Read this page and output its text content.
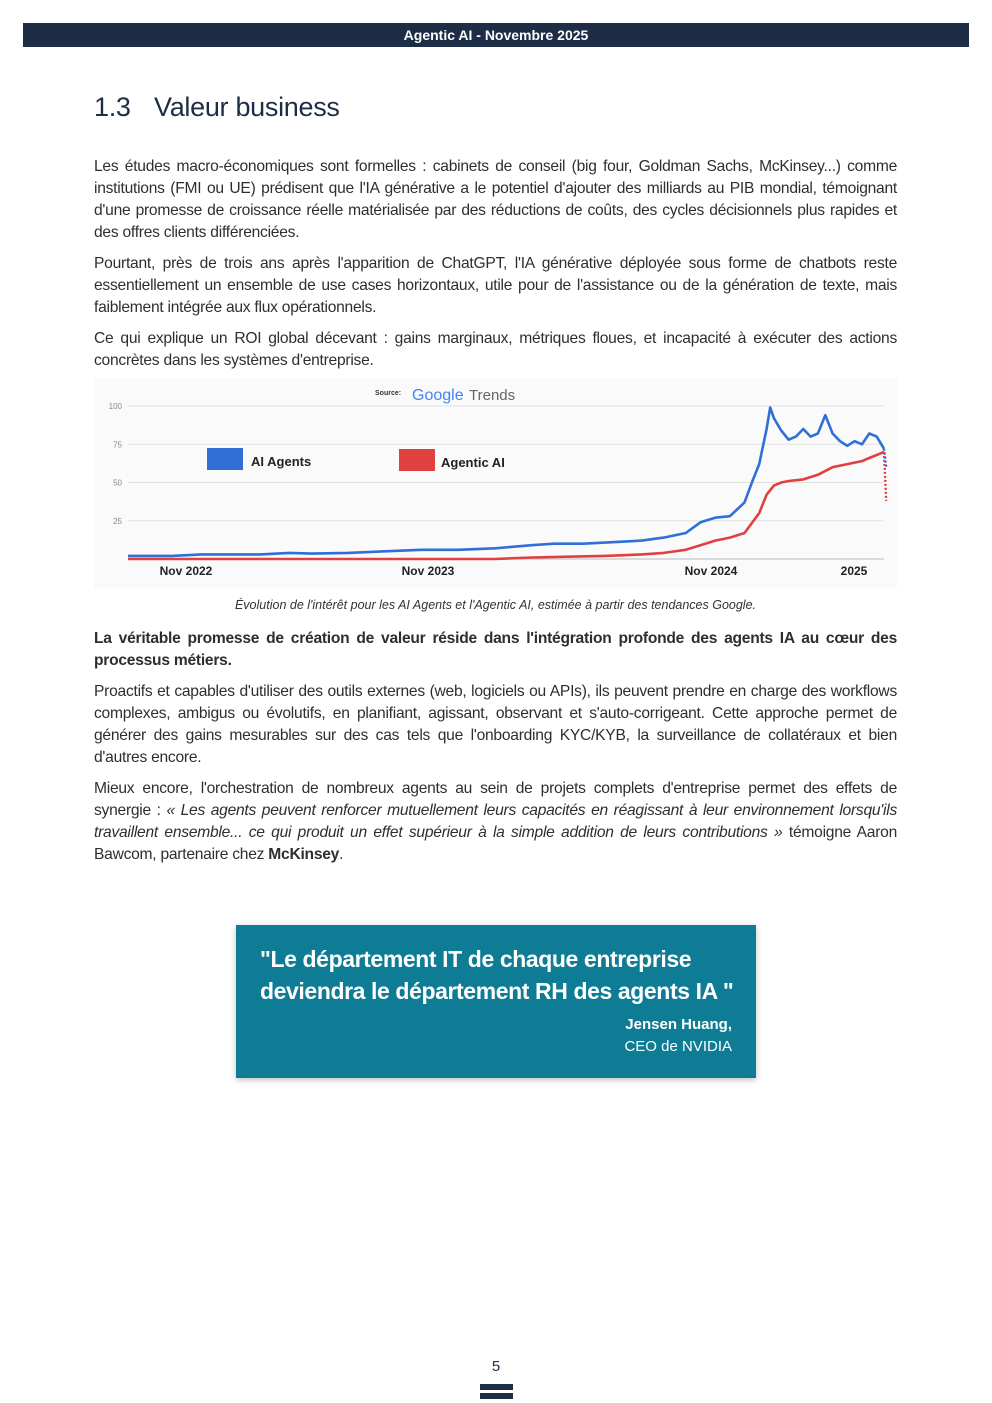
Agentic AI - Novembre 2025
1.3 Valeur business

Les études macro-économiques sont formelles : cabinets de conseil (big four, Goldman Sachs, McKinsey...) comme institutions (FMI ou UE) prédisent que l'IA générative a le potentiel d'ajouter des milliards au PIB mondial, témoignant d'une promesse de croissance réelle matérialisée par des réductions de coûts, des cycles décisionnels plus rapides et des offres clients différenciées.

Pourtant, près de trois ans après l'apparition de ChatGPT, l'IA générative déployée sous forme de chatbots reste essentiellement un ensemble de use cases horizontaux, utile pour de l'assistance ou de la génération de texte, mais faiblement intégrée aux flux opérationnels.

Ce qui explique un ROI global décevant : gains marginaux, métriques floues, et incapacité à exécuter des actions concrètes dans les systèmes d'entreprise.

100
75
50
25
Nov 2022	Nov 2023	Nov 2024	2025
AI Agents	Agentic AI
Source: Google Trends
Évolution de l'intérêt pour les AI Agents et l'Agentic AI, estimée à partir des tendances Google.

La véritable promesse de création de valeur réside dans l'intégration profonde des agents IA au cœur des processus métiers.

Proactifs et capables d'utiliser des outils externes (web, logiciels ou APIs), ils peuvent prendre en charge des workflows complexes, ambigus ou évolutifs, en planifiant, agissant, observant et s'auto-corrigeant. Cette approche permet de générer des gains mesurables sur des cas tels que l'onboarding KYC/KYB, la surveillance de collatéraux et bien d'autres encore.

Mieux encore, l'orchestration de nombreux agents au sein de projets complets d'entreprise permet des effets de synergie : « Les agents peuvent renforcer mutuellement leurs capacités en réagissant à leur environnement lorsqu'ils travaillent ensemble... ce qui produit un effet supérieur à la simple addition de leurs contributions » témoigne Aaron Bawcom, partenaire chez McKinsey.

"Le département IT de chaque entreprise
deviendra le département RH des agents IA "
Jensen Huang,
CEO de NVIDIA
5
